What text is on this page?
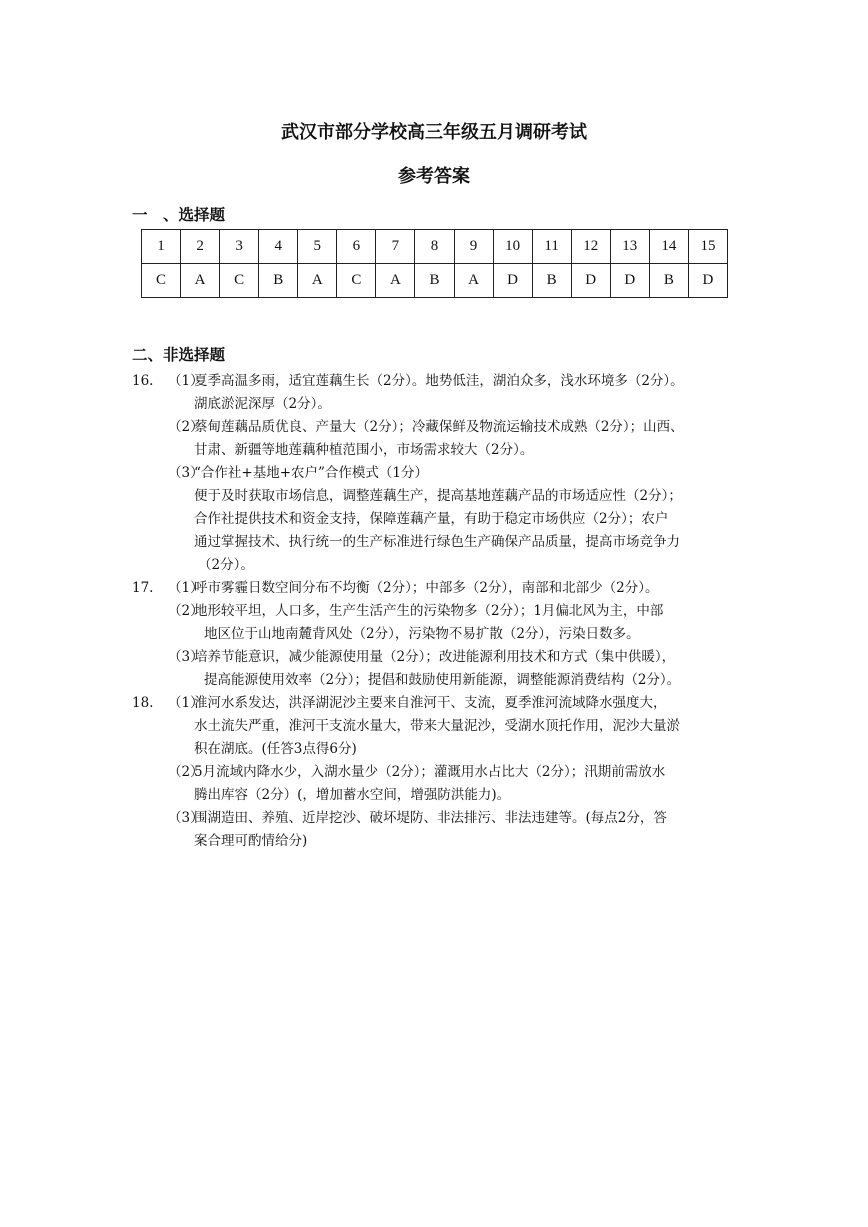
武汉市部分学校高三年级五月调研考试
参考答案
一　、选择题
1	2	3	4	5	6	7	8	9	10	11	12	13	14	15
C	A	C	B	A	C	A	B	A	D	B	D	D	B	D
二、非选择题
16. （1）

夏季高温多雨，适宜莲藕生长（2分）。地势低洼，湖泊众多，浅水环境多（2分）。

湖底淤泥深厚（2分）。

（2）

蔡甸莲藕品质优良、产量大（2分）；冷藏保鲜及物流运输技术成熟（2分）；山西、

甘肃、新疆等地莲藕种植范围小，市场需求较大（2分）。

（3）

“合作社+基地+农户”合作模式（1分）

便于及时获取市场信息，调整莲藕生产，提高基地莲藕产品的市场适应性（2分）；

合作社提供技术和资金支持，保障莲藕产量，有助于稳定市场供应（2分）；农户

通过掌握技术、执行统一的生产标准进行绿色生产确保产品质量，提高市场竞争力

（2分）。

17. （1）

呼市雾霾日数空间分布不均衡（2分）；中部多（2分），南部和北部少（2分）。

（2）

地形较平坦，人口多，生产生活产生的污染物多（2分）；1月偏北风为主，中部

地区位于山地南麓背风处（2分），污染物不易扩散（2分），污染日数多。

（3）

培养节能意识，减少能源使用量（2分）；改进能源利用技术和方式（集中供暖），

提高能源使用效率（2分）；提倡和鼓励使用新能源，调整能源消费结构（2分）。

18. （1）

淮河水系发达，洪泽湖泥沙主要来自淮河干、支流，夏季淮河流域降水强度大，

水土流失严重，淮河干支流水量大，带来大量泥沙，受湖水顶托作用，泥沙大量淤

积在湖底。(任答3点得6分)

（2）

5月流域内降水少，入湖水量少（2分）；灌溉用水占比大（2分）；汛期前需放水

腾出库容（2分）(，增加蓄水空间，增强防洪能力)。

（3）

围湖造田、养殖、近岸挖沙、破坏堤防、非法排污、非法违建等。(每点2分，答

案合理可酌情给分)
